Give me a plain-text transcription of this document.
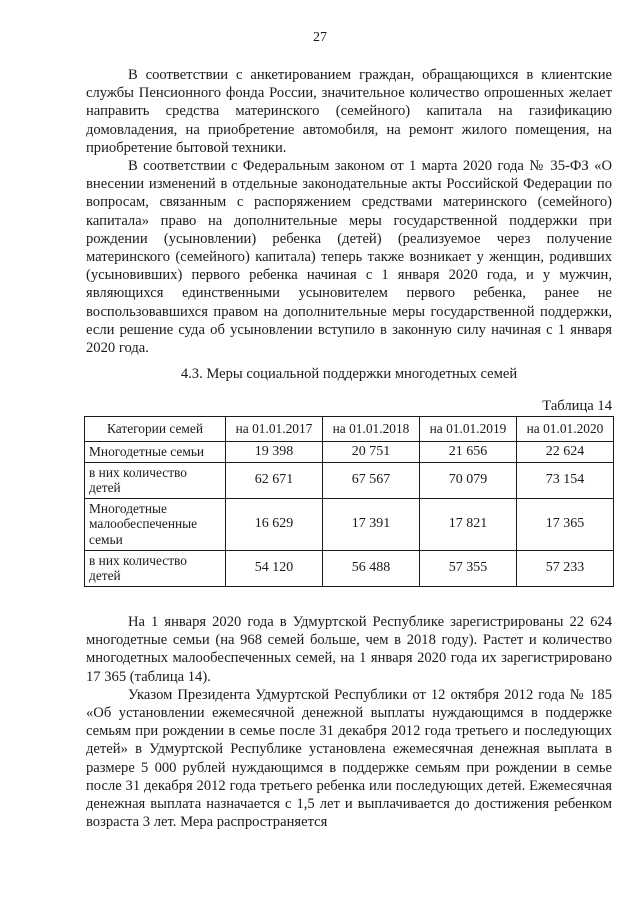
27

В соответствии с анкетированием граждан, обращающихся в клиентские службы Пенсионного фонда России, значительное количество опрошенных желает направить средства материнского (семейного) капитала на газификацию домовладения, на приобретение автомобиля, на ремонт жилого помещения, на приобретение бытовой техники.

В соответствии с Федеральным законом от 1 марта 2020 года № 35-ФЗ «О внесении изменений в отдельные законодательные акты Российской Федерации по вопросам, связанным с распоряжением средствами материнского (семейного) капитала» право на дополнительные меры государственной поддержки при рождении (усыновлении) ребенка (детей) (реализуемое через получение материнского (семейного) капитала) теперь также возникает у женщин, родивших (усыновивших) первого ребенка начиная с 1 января 2020 года, и у мужчин, являющихся единственными усыновителем первого ребенка, ранее не воспользовавшихся правом на дополнительные меры государственной поддержки, если решение суда об усыновлении вступило в законную силу начиная с 1 января 2020 года.

4.3. Меры социальной поддержки многодетных семей
Таблица 14
Категории семей	на 01.01.2017	на 01.01.2018	на 01.01.2019	на 01.01.2020
Многодетные семьи	19 398	20 751	21 656	22 624
в них количество детей	62 671	67 567	70 079	73 154
Многодетные малообеспеченные семьи	16 629	17 391	17 821	17 365
в них количество детей	54 120	56 488	57 355	57 233

На 1 января 2020 года в Удмуртской Республике зарегистрированы 22 624 многодетные семьи (на 968 семей больше, чем в 2018 году). Растет и количество многодетных малообеспеченных семей, на 1 января 2020 года их зарегистрировано 17 365 (таблица 14).

Указом Президента Удмуртской Республики от 12 октября 2012 года № 185 «Об установлении ежемесячной денежной выплаты нуждающимся в поддержке семьям при рождении в семье после 31 декабря 2012 года третьего и последующих детей» в Удмуртской Республике установлена ежемесячная денежная выплата в размере 5 000 рублей нуждающимся в поддержке семьям при рождении в семье после 31 декабря 2012 года третьего ребенка или последующих детей. Ежемесячная денежная выплата назначается с 1,5 лет и выплачивается до достижения ребенком возраста 3 лет. Мера распространяется
